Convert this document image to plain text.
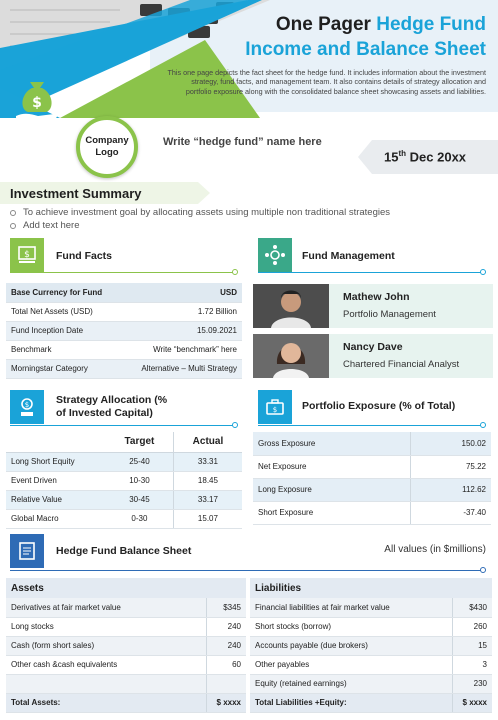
$
One Pager Hedge Fund
Income and Balance Sheet
This one page depicts the fact sheet for the hedge fund. It includes information about the investment strategy, fund facts, and management team. It also contains details of strategy allocation and portfolio exposure along with the consolidated balance sheet showcasing assets and liabilities.
Company
Logo
Write “hedge fund” name here
15th Dec 20xx
Investment Summary
To achieve investment goal by allocating assets using multiple non traditional strategies
Add text here
$ Fund Facts
Base Currency for Fund	USD
Total Net Assets (USD)	1.72 Billion
Fund Inception Date	15.09.2021
Benchmark	Write “benchmark” here
Morningstar Category	Alternative – Multi Strategy
Fund Management
Mathew John
Portfolio Management
Nancy Dave
Chartered Financial Analyst
$	Strategy Allocation (%
of Invested Capital)
	Target	Actual
Long Short Equity	25-40	33.31
Event Driven	10-30	18.45
Relative Value	30-45	33.17
Global Macro	0-30	15.07
$ Portfolio Exposure (% of Total)
Gross Exposure	150.02
Net Exposure	75.22
Long Exposure	112.62
Short Exposure	-37.40
Hedge Fund Balance Sheet	All values (in $millions)
Assets	
Derivatives at fair market value	$345
Long stocks	240
Cash (form short sales)	240
Other cash &cash equivalents	60

Total Assets:	$ xxxx
Liabilities	
Financial liabilities at fair market value	$430
Short stocks (borrow)	260
Accounts payable (due brokers)	15
Other payables	3
Equity (retained earnings)	230
Total Liabilities +Equity:	$ xxxx
